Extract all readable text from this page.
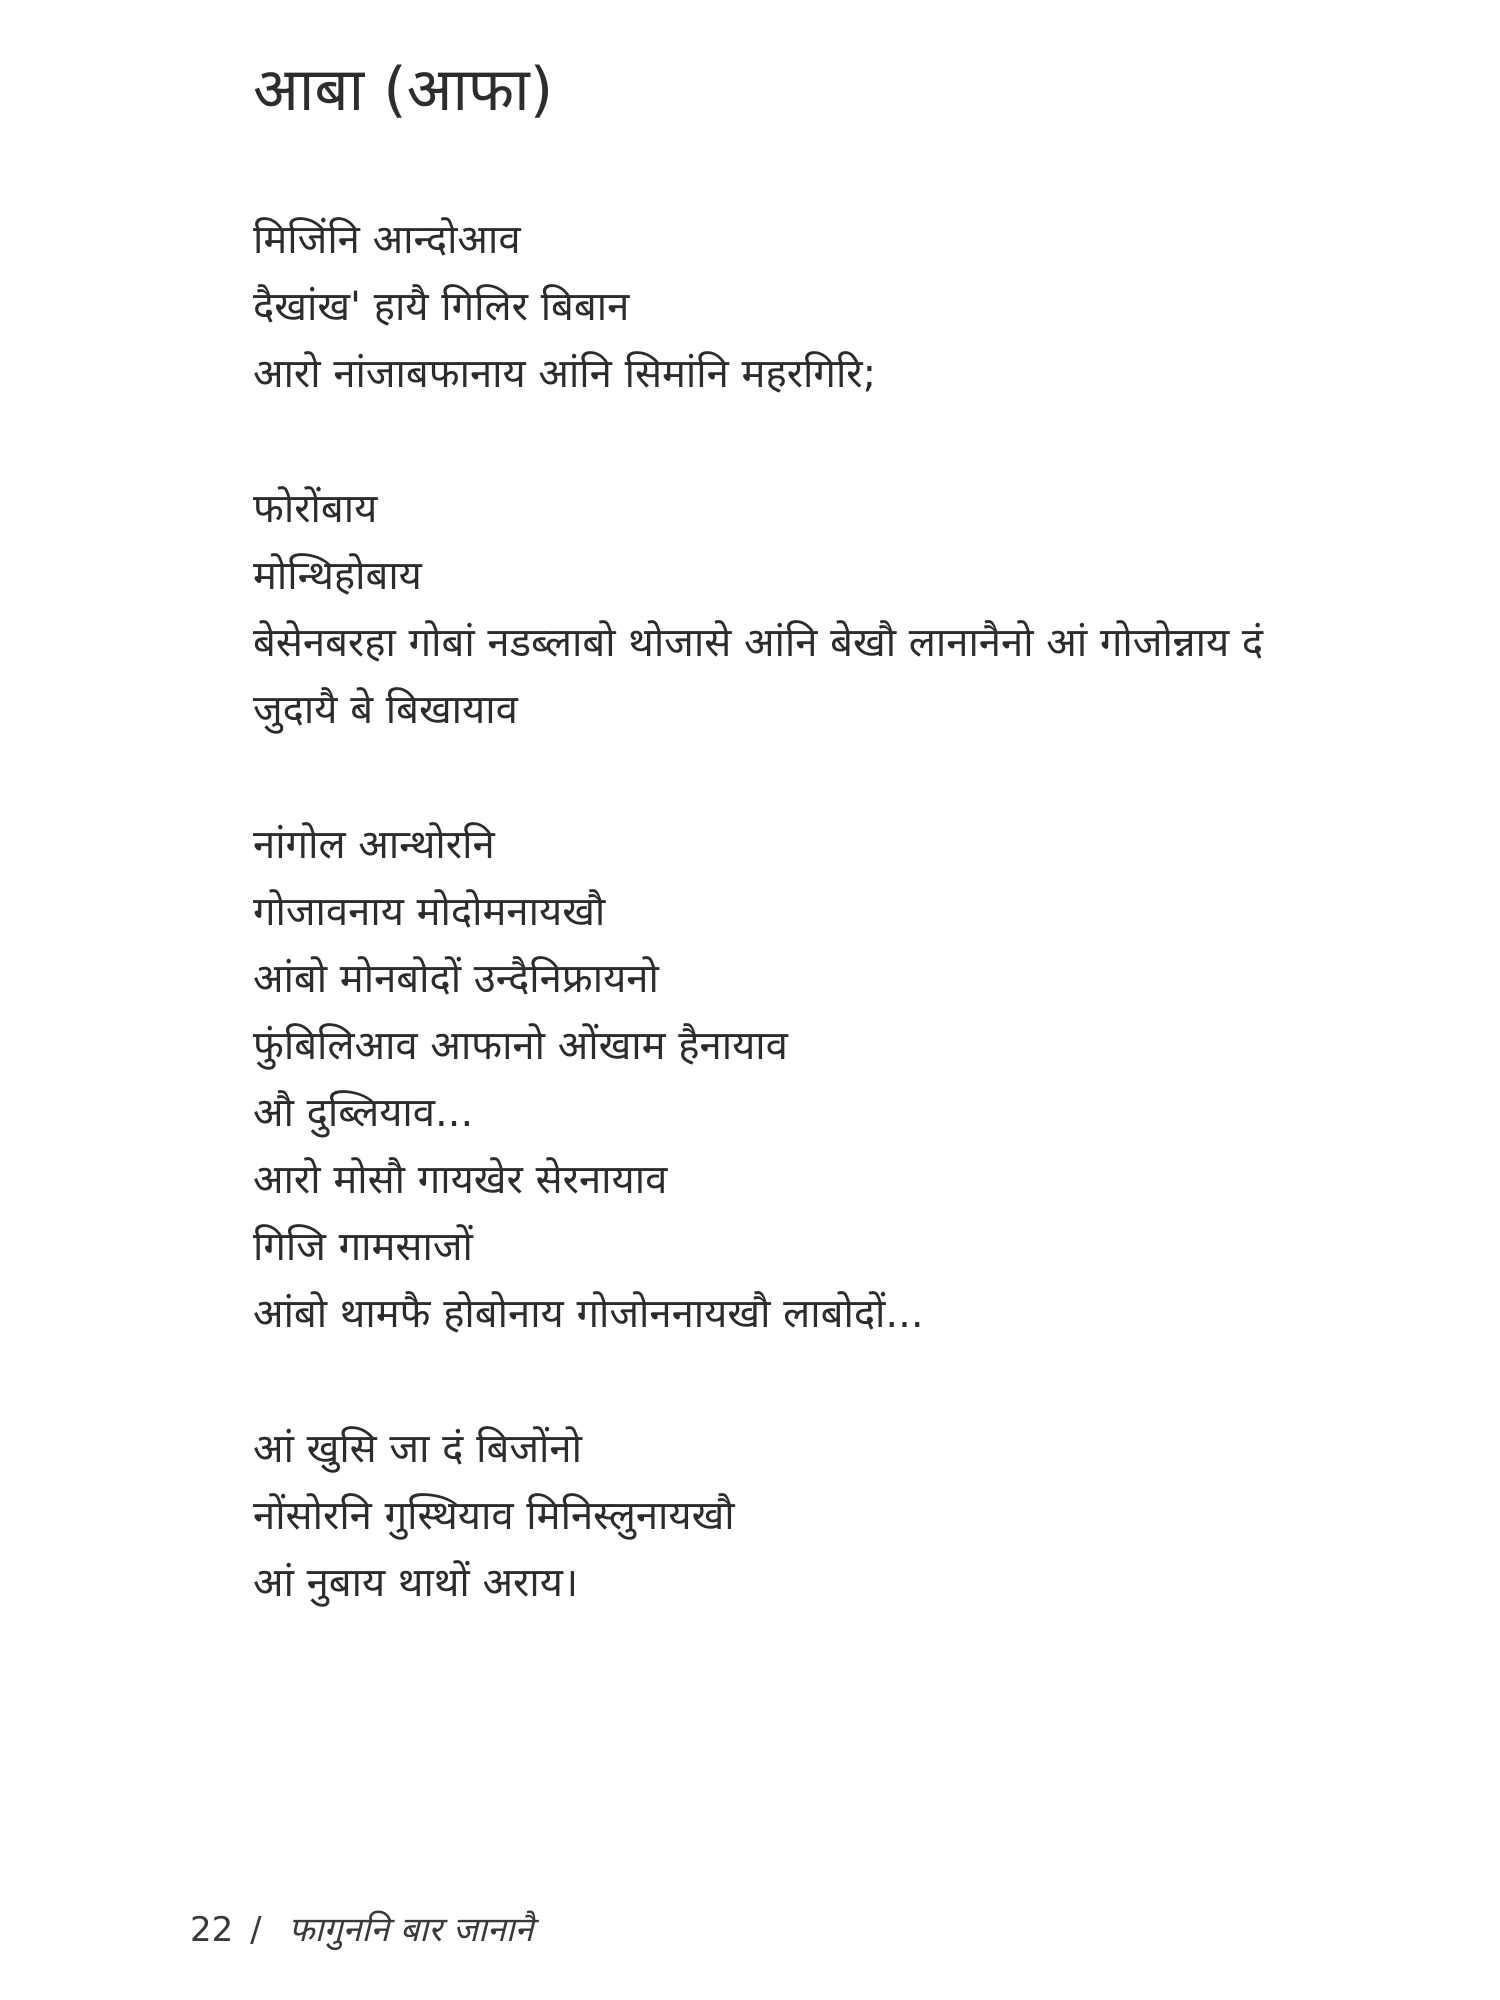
आबा (आफा)
मिजिंनि आन्दोआव
दैखांख' हायै गिलिर बिबान
आरो नांजाबफानाय आंनि सिमांनि महरगिरि;
फोरोंबाय
मोन्थिहोबाय
बेसेनबरहा गोबां नडब्लाबो थोजासे आंनि बेखौ लानानैनो आं गोजोन्नाय दं
जुदायै बे बिखायाव
नांगोल आन्थोरनि
गोजावनाय मोदोमनायखौ
आंबो मोनबोदों उन्दैनिफ्रायनो
फुंबिलिआव आफानो ओंखाम हैनायाव
औ दुब्लियाव...
आरो मोसौ गायखेर सेरनायाव
गिजि गामसाजों
आंबो थामफै होबोनाय गोजोननायखौ लाबोदों...
आं खुसि जा दं बिजोंनो
नोंसोरनि गुस्थियाव मिनिस्लुनायखौ
आं नुबाय थाथों अराय।
22 / फागुननि बार जानानै
